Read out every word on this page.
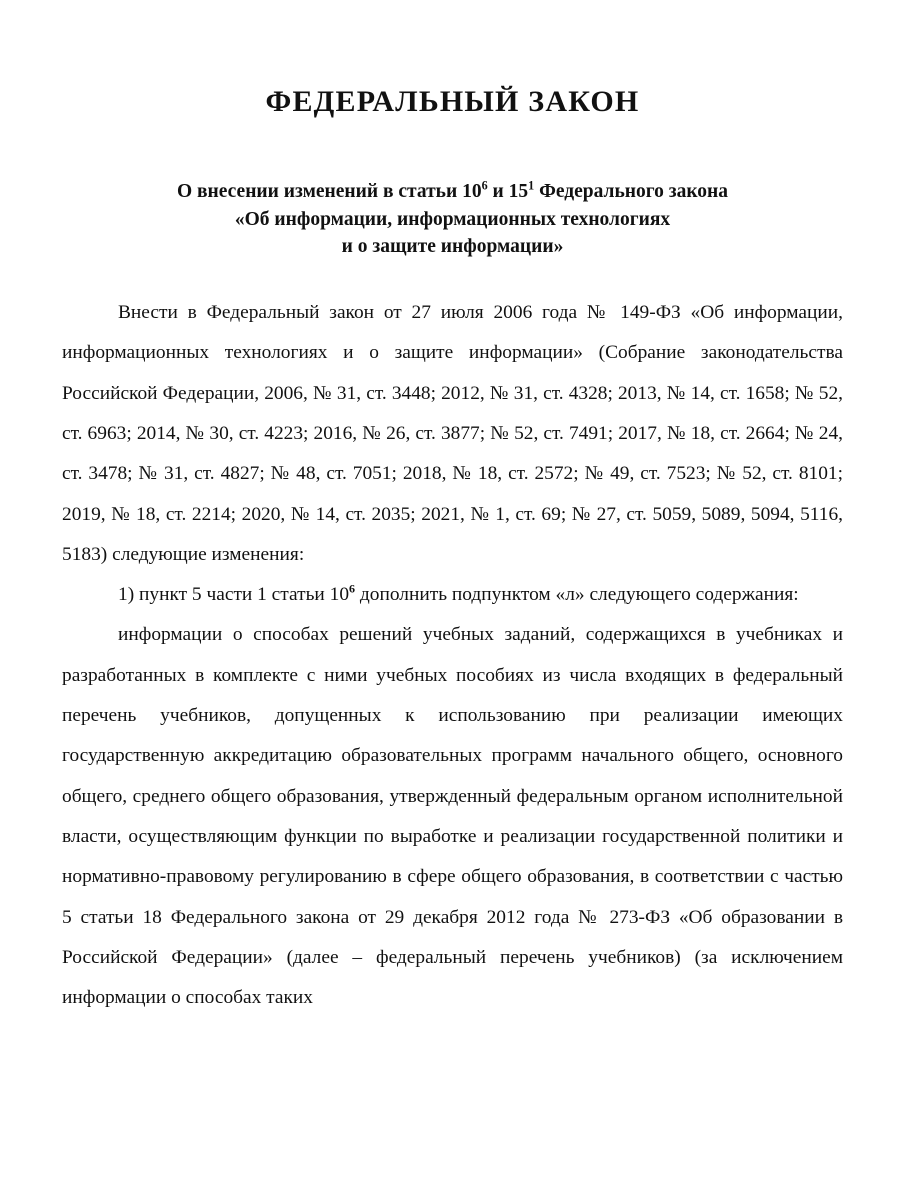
ФЕДЕРАЛЬНЫЙ ЗАКОН
О внесении изменений в статьи $10^6$ и $15^1$ Федерального закона
«Об информации, информационных технологиях
и о защите информации»

Внести в Федеральный закон от 27 июля 2006 года № 149-ФЗ «Об информации, информационных технологиях и о защите информации» (Собрание законодательства Российской Федерации, 2006, № 31, ст. 3448; 2012, № 31, ст. 4328; 2013, № 14, ст. 1658; № 52, ст. 6963; 2014, № 30, ст. 4223; 2016, № 26, ст. 3877; № 52, ст. 7491; 2017, № 18, ст. 2664; № 24, ст. 3478; № 31, ст. 4827; № 48, ст. 7051; 2018, № 18, ст. 2572; № 49, ст. 7523; № 52, ст. 8101; 2019, № 18, ст. 2214; 2020, № 14, ст. 2035; 2021, № 1, ст. 69; № 27, ст. 5059, 5089, 5094, 5116, 5183) следующие изменения:

1) пункт 5 части 1 статьи $10^6$ дополнить подпунктом «л» следующего содержания:

информации о способах решений учебных заданий, содержащихся в учебниках и разработанных в комплекте с ними учебных пособиях из числа входящих в федеральный перечень учебников, допущенных к использованию при реализации имеющих государственную аккредитацию образовательных программ начального общего, основного общего, среднего общего образования, утвержденный федеральным органом исполнительной власти, осуществляющим функции по выработке и реализации государственной политики и нормативно-правовому регулированию в сфере общего образования, в соответствии с частью 5 статьи 18 Федерального закона от 29 декабря 2012 года № 273-ФЗ «Об образовании в Российской Федерации» (далее – федеральный перечень учебников) (за исключением информации о способах таких
